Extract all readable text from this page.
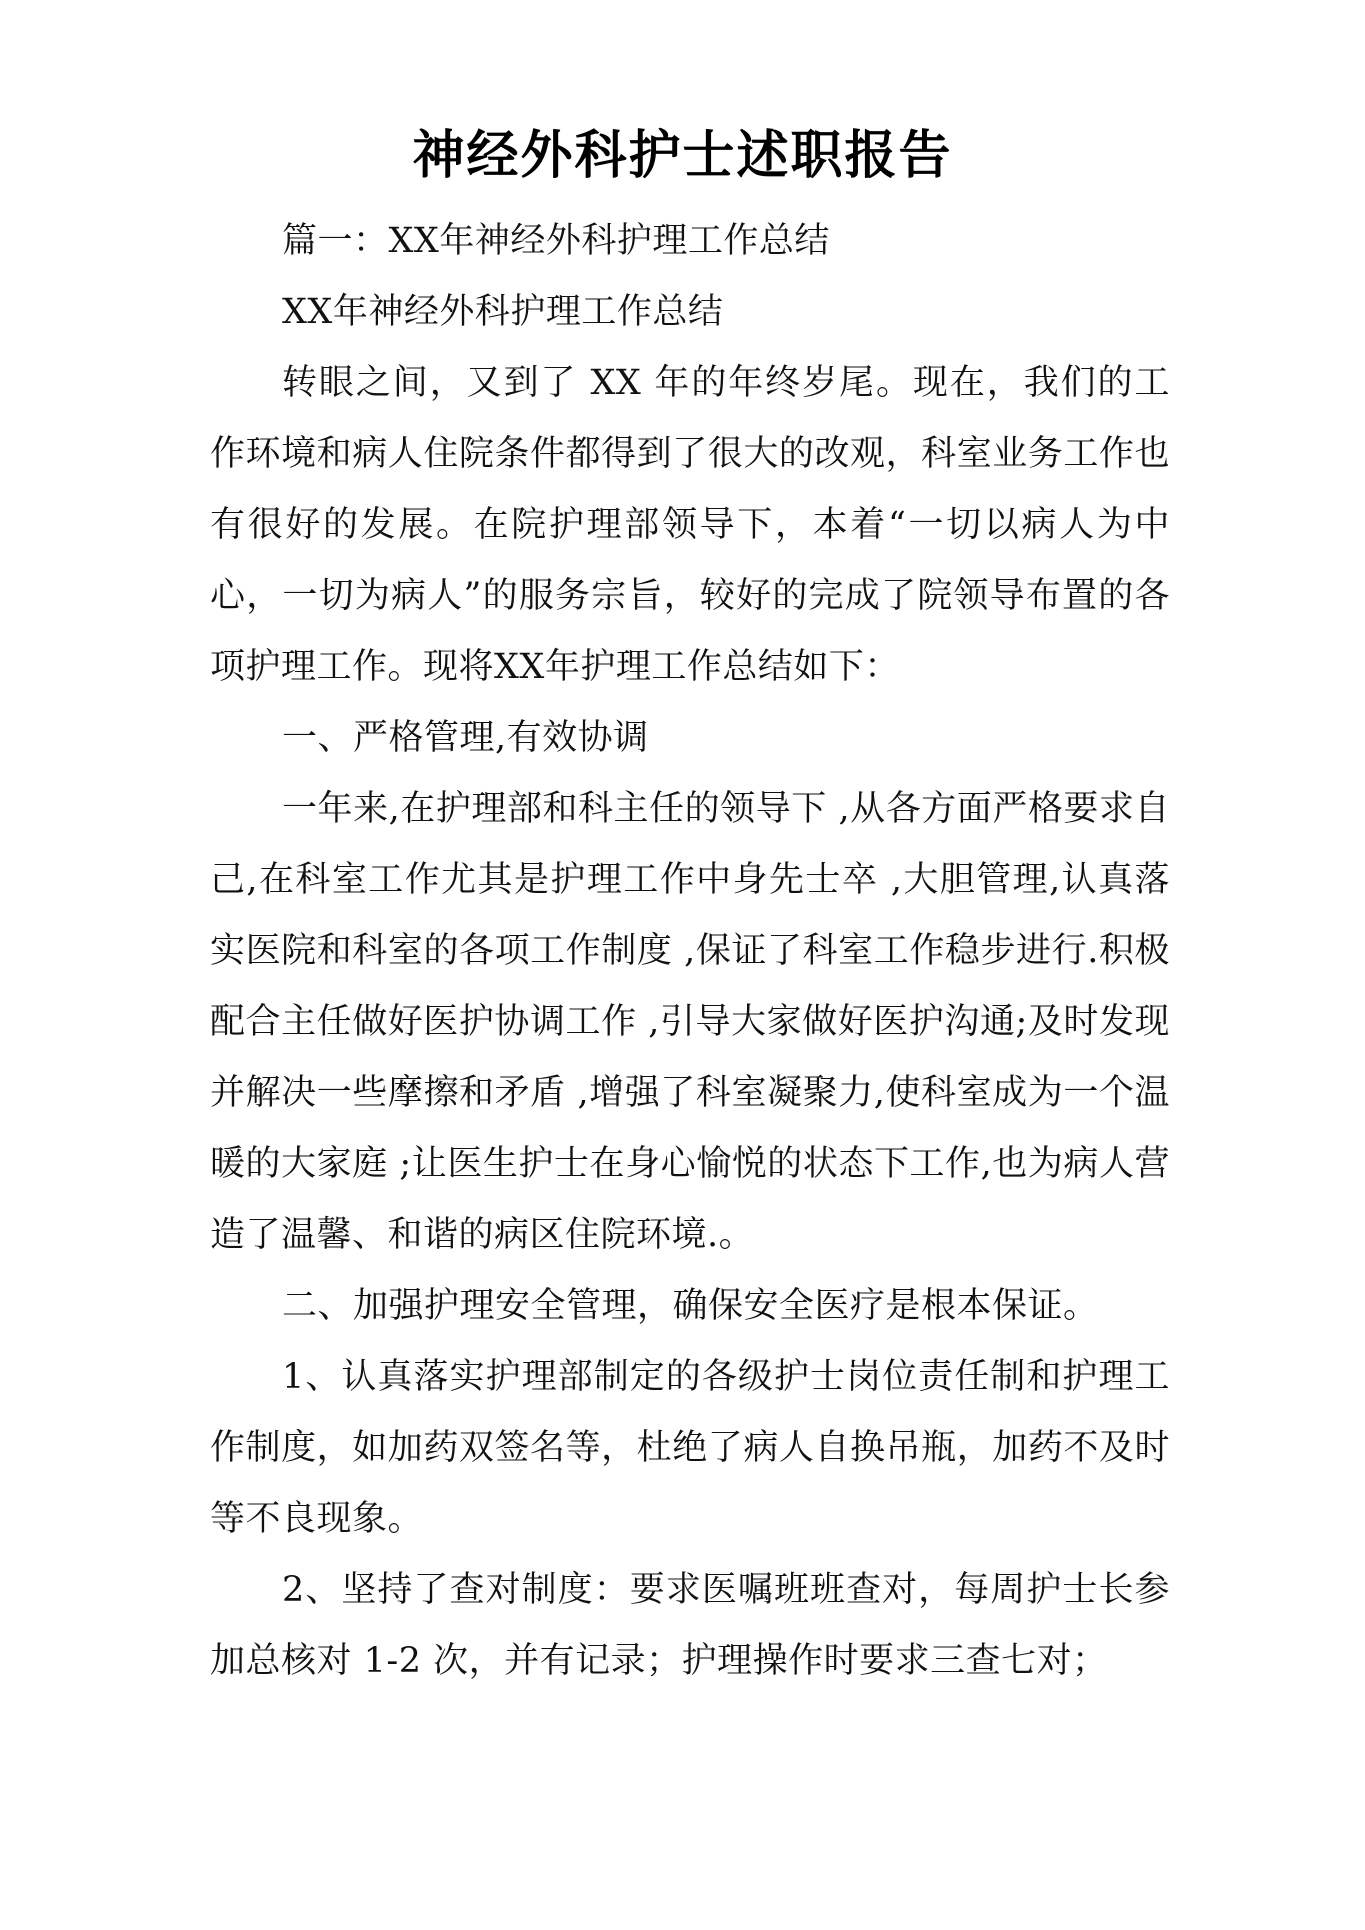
神经外科护士述职报告

篇一：XX年神经外科护理工作总结

XX年神经外科护理工作总结

转眼之间，又到了 XX 年的年终岁尾。现在，我们的工作环境和病人住院条件都得到了很大的改观，科室业务工作也有很好的发展。在院护理部领导下，本着“一切以病人为中心，一切为病人”的服务宗旨，较好的完成了院领导布置的各项护理工作。现将XX年护理工作总结如下：

一、严格管理,有效协调

一年来,在护理部和科主任的领导下 ,从各方面严格要求自己,在科室工作尤其是护理工作中身先士卒 ,大胆管理,认真落实医院和科室的各项工作制度 ,保证了科室工作稳步进行.积极配合主任做好医护协调工作 ,引导大家做好医护沟通;及时发现并解决一些摩擦和矛盾 ,增强了科室凝聚力,使科室成为一个温暖的大家庭 ;让医生护士在身心愉悦的状态下工作,也为病人营造了温馨、和谐的病区住院环境.。

二、加强护理安全管理，确保安全医疗是根本保证。

1、认真落实护理部制定的各级护士岗位责任制和护理工作制度，如加药双签名等，杜绝了病人自换吊瓶，加药不及时等不良现象。

2、坚持了查对制度：要求医嘱班班查对，每周护士长参加总核对 1-2 次，并有记录；护理操作时要求三查七对；
